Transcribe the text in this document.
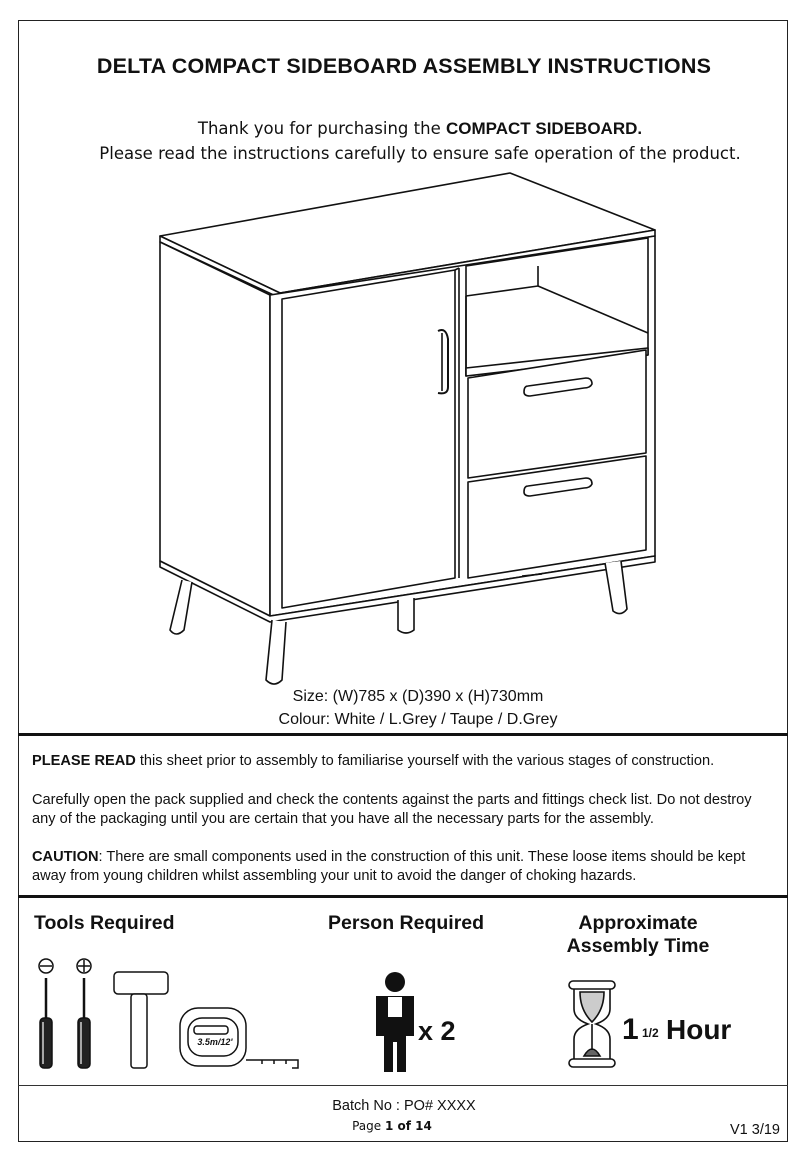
DELTA COMPACT SIDEBOARD ASSEMBLY INSTRUCTIONS
Thank you for purchasing the COMPACT SIDEBOARD.
Please read the instructions carefully to ensure safe operation of the product.
Size: (W)785 x (D)390 x (H)730mm
Colour: White / L.Grey / Taupe / D.Grey
PLEASE READ this sheet prior to assembly to familiarise yourself with the various stages of construction.
Carefully open the pack supplied and check the contents against the parts and fittings check list. Do not destroy any of the packaging until you are certain that you have all the necessary parts for the assembly.
CAUTION: There are small components used in the construction of this unit. These loose items should be kept away from young children whilst assembling your unit to avoid the danger of choking hazards.
Tools Required
3.5m/12'
Person Required
x 2
Approximate
Assembly Time
1 1/2 Hour
Batch No : PO# XXXX
Page 1 of 14	V1 3/19
